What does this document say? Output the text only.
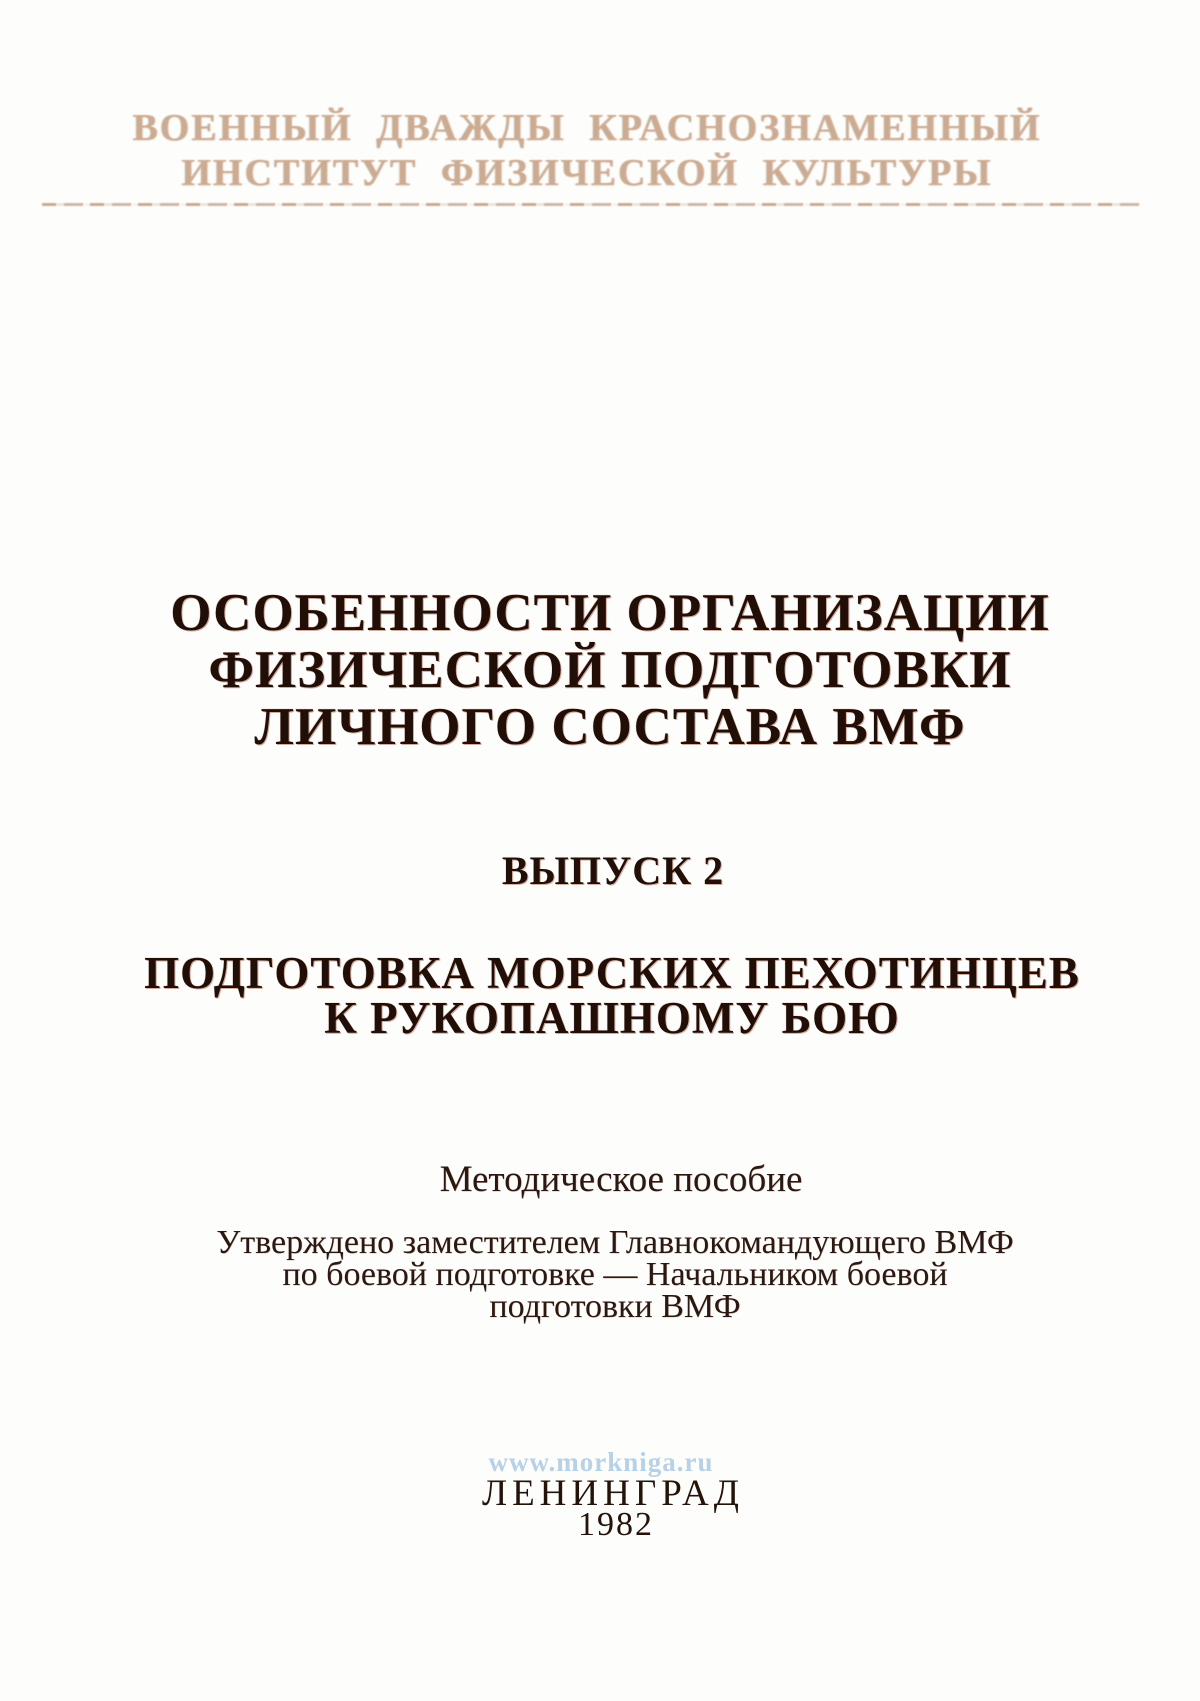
ВОЕННЫЙ ДВАЖДЫ КРАСНОЗНАМЕННЫЙ
ИНСТИТУТ ФИЗИЧЕСКОЙ КУЛЬТУРЫ
ОСОБЕННОСТИ ОРГАНИЗАЦИИ
ФИЗИЧЕСКОЙ ПОДГОТОВКИ
ЛИЧНОГО СОСТАВА ВМФ
ВЫПУСК 2
ПОДГОТОВКА МОРСКИХ ПЕХОТИНЦЕВ
К РУКОПАШНОМУ БОЮ
Методическое пособие
Утверждено заместителем Главнокомандующего ВМФ
по боевой подготовке — Начальником боевой
подготовки ВМФ
www.morkniga.ru
ЛЕНИНГРАД
1982
